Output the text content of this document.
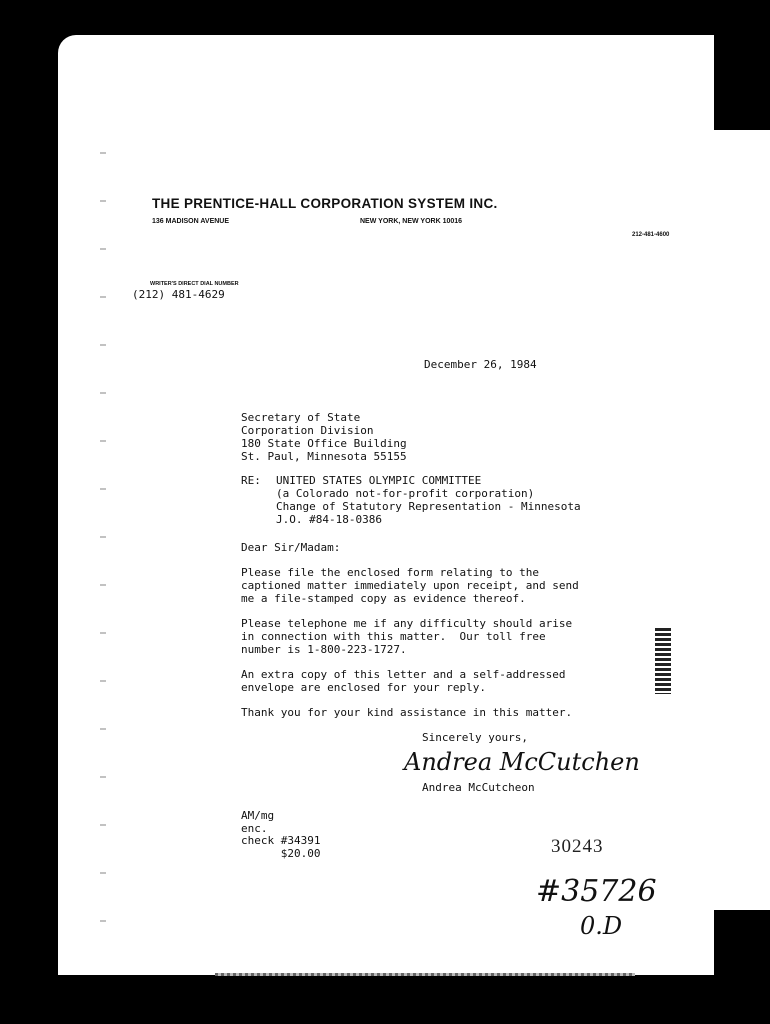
THE PRENTICE-HALL CORPORATION SYSTEM INC.
136 MADISON AVENUE	NEW YORK, NEW YORK 10016
212-481-4600
WRITER'S DIRECT DIAL NUMBER
(212) 481-4629
December 26, 1984
Secretary of State
Corporation Division
180 State Office Building
St. Paul, Minnesota 55155
RE: UNITED STATES OLYMPIC COMMITTEE
(a Colorado not-for-profit corporation)
Change of Statutory Representation - Minnesota
J.O. #84-18-0386
Dear Sir/Madam:
Please file the enclosed form relating to the
captioned matter immediately upon receipt, and send
me a file-stamped copy as evidence thereof.
Please telephone me if any difficulty should arise
in connection with this matter.  Our toll free
number is 1-800-223-1727.
An extra copy of this letter and a self-addressed
envelope are enclosed for your reply.
Thank you for your kind assistance in this matter.
Sincerely yours,
Andrea McCutchen
Andrea McCutcheon
AM/mg
enc.
check #34391
$20.00	30243
#35726
0.D
